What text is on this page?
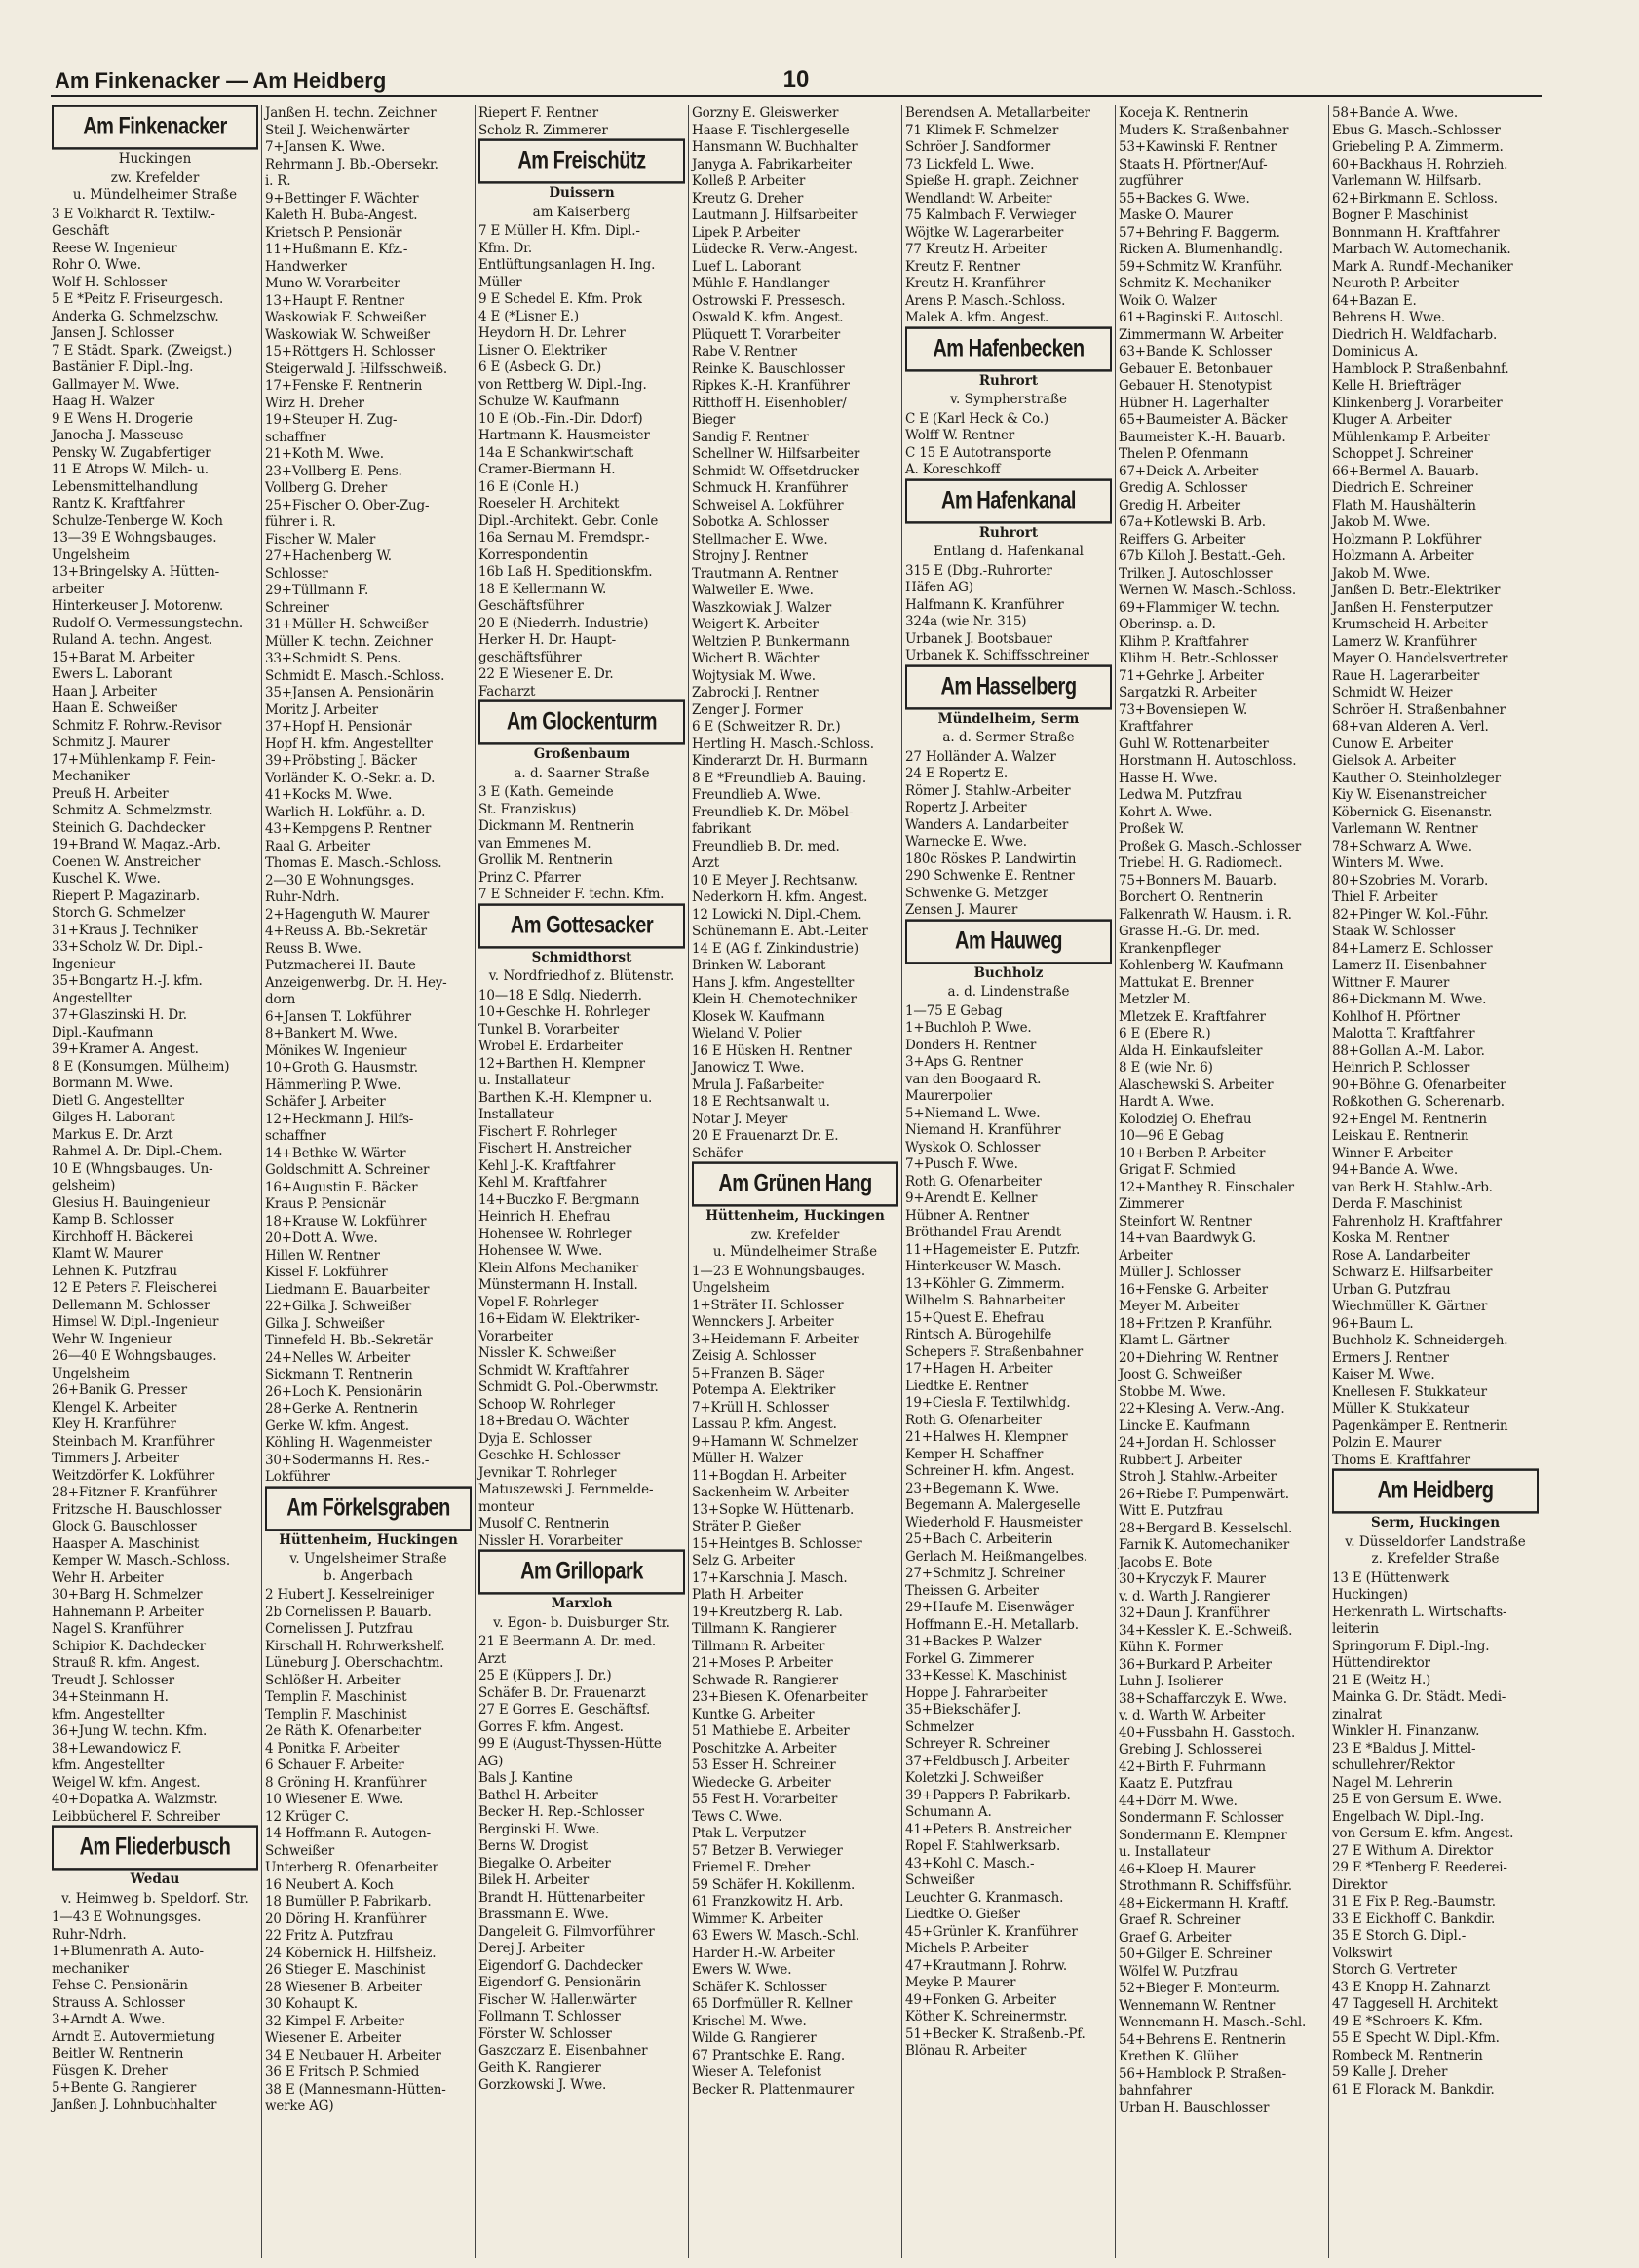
Am Finkenacker — Am Heidberg	10
Am Finkenacker
Huckingen
zw. Krefelder
u. Mündelheimer Straße
3 E Volkhardt R. Textilw.-
Geschäft
Reese W. Ingenieur
Rohr O. Wwe.
Wolf H. Schlosser
5 E *Peitz F. Friseurgesch.
Anderka G. Schmelzschw.
Jansen J. Schlosser
7 E Städt. Spark. (Zweigst.)
Bastänier F. Dipl.-Ing.
Gallmayer M. Wwe.
Haag H. Walzer
9 E Wens H. Drogerie
Janocha J. Masseuse
Pensky W. Zugabfertiger
11 E Atrops W. Milch- u.
Lebensmittelhandlung
Rantz K. Kraftfahrer
Schulze-Tenberge W. Koch
13—39 E Wohngsbauges.
Ungelsheim
13+Bringelsky A. Hütten-
arbeiter
Hinterkeuser J. Motorenw.
Rudolf O. Vermessungstechn.
Ruland A. techn. Angest.
15+Barat M. Arbeiter
Ewers L. Laborant
Haan J. Arbeiter
Haan E. Schweißer
Schmitz F. Rohrw.-Revisor
Schmitz J. Maurer
17+Mühlenkamp F. Fein-
Mechaniker
Preuß H. Arbeiter
Schmitz A. Schmelzmstr.
Steinich G. Dachdecker
19+Brand W. Magaz.-Arb.
Coenen W. Anstreicher
Kuschel K. Wwe.
Riepert P. Magazinarb.
Storch G. Schmelzer
31+Kraus J. Techniker
33+Scholz W. Dr. Dipl.-
Ingenieur
35+Bongartz H.-J. kfm.
Angestellter
37+Glaszinski H. Dr.
Dipl.-Kaufmann
39+Kramer A. Angest.
8 E (Konsumgen. Mülheim)
Bormann M. Wwe.
Dietl G. Angestellter
Gilges H. Laborant
Markus E. Dr. Arzt
Rahmel A. Dr. Dipl.-Chem.
10 E (Whngsbauges. Un-
gelsheim)
Glesius H. Bauingenieur
Kamp B. Schlosser
Kirchhoff H. Bäckerei
Klamt W. Maurer
Lehnen K. Putzfrau
12 E Peters F. Fleischerei
Dellemann M. Schlosser
Himsel W. Dipl.-Ingenieur
Wehr W. Ingenieur
26—40 E Wohngsbauges.
Ungelsheim
26+Banik G. Presser
Klengel K. Arbeiter
Kley H. Kranführer
Steinbach M. Kranführer
Timmers J. Arbeiter
Weitzdörfer K. Lokführer
28+Fitzner F. Kranführer
Fritzsche H. Bauschlosser
Glock G. Bauschlosser
Haasper A. Maschinist
Kemper W. Masch.-Schloss.
Wehr H. Arbeiter
30+Barg H. Schmelzer
Hahnemann P. Arbeiter
Nagel S. Kranführer
Schipior K. Dachdecker
Strauß R. kfm. Angest.
Treudt J. Schlosser
34+Steinmann H.
kfm. Angestellter
36+Jung W. techn. Kfm.
38+Lewandowicz F.
kfm. Angestellter
Weigel W. kfm. Angest.
40+Dopatka A. Walzmstr.
Leibbücherel F. Schreiber
Am Fliederbusch
Wedau
v. Heimweg b. Speldorf. Str.
1—43 E Wohnungsges.
Ruhr-Ndrh.
1+Blumenrath A. Auto-
mechaniker
Fehse C. Pensionärin
Strauss A. Schlosser
3+Arndt A. Wwe.
Arndt E. Autovermietung
Beitler W. Rentnerin
Füsgen K. Dreher
5+Bente G. Rangierer
Janßen J. Lohnbuchhalter
Janßen H. techn. Zeichner
Steil J. Weichenwärter
7+Jansen K. Wwe.
Rehrmann J. Bb.-Obersekr.
i. R.
9+Bettinger F. Wächter
Kaleth H. Buba-Angest.
Krietsch P. Pensionär
11+Hußmann E. Kfz.-
Handwerker
Muno W. Vorarbeiter
13+Haupt F. Rentner
Waskowiak F. Schweißer
Waskowiak W. Schweißer
15+Röttgers H. Schlosser
Steigerwald J. Hilfsschweiß.
17+Fenske F. Rentnerin
Wirz H. Dreher
19+Steuper H. Zug-
schaffner
21+Koth M. Wwe.
23+Vollberg E. Pens.
Vollberg G. Dreher
25+Fischer O. Ober-Zug-
führer i. R.
Fischer W. Maler
27+Hachenberg W.
Schlosser
29+Tüllmann F.
Schreiner
31+Müller H. Schweißer
Müller K. techn. Zeichner
33+Schmidt S. Pens.
Schmidt E. Masch.-Schloss.
35+Jansen A. Pensionärin
Moritz J. Arbeiter
37+Hopf H. Pensionär
Hopf H. kfm. Angestellter
39+Pröbsting J. Bäcker
Vorländer K. O.-Sekr. a. D.
41+Kocks M. Wwe.
Warlich H. Lokführ. a. D.
43+Kempgens P. Rentner
Raal G. Arbeiter
Thomas E. Masch.-Schloss.
2—30 E Wohnungsges.
Ruhr-Ndrh.
2+Hagenguth W. Maurer
4+Reuss A. Bb.-Sekretär
Reuss B. Wwe.
Putzmacherei H. Baute
Anzeigenwerbg. Dr. H. Hey-
dorn
6+Jansen T. Lokführer
8+Bankert M. Wwe.
Mönikes W. Ingenieur
10+Groth G. Hausmstr.
Hämmerling P. Wwe.
Schäfer J. Arbeiter
12+Heckmann J. Hilfs-
schaffner
14+Bethke W. Wärter
Goldschmitt A. Schreiner
16+Augustin E. Bäcker
Kraus P. Pensionär
18+Krause W. Lokführer
20+Dott A. Wwe.
Hillen W. Rentner
Kissel F. Lokführer
Liedmann E. Bauarbeiter
22+Gilka J. Schweißer
Gilka J. Schweißer
Tinnefeld H. Bb.-Sekretär
24+Nelles W. Arbeiter
Sickmann T. Rentnerin
26+Loch K. Pensionärin
28+Gerke A. Rentnerin
Gerke W. kfm. Angest.
Köhling H. Wagenmeister
30+Sodermanns H. Res.-
Lokführer
Am Förkelsgraben
Hüttenheim, Huckingen
v. Ungelsheimer Straße
b. Angerbach
2 Hubert J. Kesselreiniger
2b Cornelissen P. Bauarb.
Cornelissen J. Putzfrau
Kirschall H. Rohrwerkshelf.
Lüneburg J. Oberschachtm.
Schlößer H. Arbeiter
Templin F. Maschinist
Templin F. Maschinist
2e Räth K. Ofenarbeiter
4 Ponitka F. Arbeiter
6 Schauer F. Arbeiter
8 Gröning H. Kranführer
10 Wiesener E. Wwe.
12 Krüger C.
14 Hoffmann R. Autogen-
Schweißer
Unterberg R. Ofenarbeiter
16 Neubert A. Koch
18 Bumüller P. Fabrikarb.
20 Döring H. Kranführer
22 Fritz A. Putzfrau
24 Köbernick H. Hilfsheiz.
26 Stieger E. Maschinist
28 Wiesener B. Arbeiter
30 Kohaupt K.
32 Kimpel F. Arbeiter
Wiesener E. Arbeiter
34 E Neubauer H. Arbeiter
36 E Fritsch P. Schmied
38 E (Mannesmann-Hütten-
werke AG)
Riepert F. Rentner
Scholz R. Zimmerer
Am Freischütz
Duissern
am Kaiserberg
7 E Müller H. Kfm. Dipl.-
Kfm. Dr.
Entlüftungsanlagen H. Ing.
Müller
9 E Schedel E. Kfm. Prok
4 E (*Lisner E.)
Heydorn H. Dr. Lehrer
Lisner O. Elektriker
6 E (Asbeck G. Dr.)
von Rettberg W. Dipl.-Ing.
Schulze W. Kaufmann
10 E (Ob.-Fin.-Dir. Ddorf)
Hartmann K. Hausmeister
14a E Schankwirtschaft
Cramer-Biermann H.
16 E (Conle H.)
Roeseler H. Architekt
Dipl.-Architekt. Gebr. Conle
16a Sernau M. Fremdspr.-
Korrespondentin
16b Laß H. Speditionskfm.
18 E Kellermann W.
Geschäftsführer
20 E (Niederrh. Industrie)
Herker H. Dr. Haupt-
geschäftsführer
22 E Wiesener E. Dr.
Facharzt
Am Glockenturm
Großenbaum
a. d. Saarner Straße
3 E (Kath. Gemeinde
St. Franziskus)
Dickmann M. Rentnerin
van Emmenes M.
Grollik M. Rentnerin
Prinz C. Pfarrer
7 E Schneider F. techn. Kfm.
Am Gottesacker
Schmidthorst
v. Nordfriedhof z. Blütenstr.
10—18 E Sdlg. Niederrh.
10+Geschke H. Rohrleger
Tunkel B. Vorarbeiter
Wrobel E. Erdarbeiter
12+Barthen H. Klempner
u. Installateur
Barthen K.-H. Klempner u.
Installateur
Fischert F. Rohrleger
Fischert H. Anstreicher
Kehl J.-K. Kraftfahrer
Kehl M. Kraftfahrer
14+Buczko F. Bergmann
Heinrich H. Ehefrau
Hohensee W. Rohrleger
Hohensee W. Wwe.
Klein Alfons Mechaniker
Münstermann H. Install.
Vopel F. Rohrleger
16+Eidam W. Elektriker-
Vorarbeiter
Nissler K. Schweißer
Schmidt W. Kraftfahrer
Schmidt G. Pol.-Oberwmstr.
Schoop W. Rohrleger
18+Bredau O. Wächter
Dyja E. Schlosser
Geschke H. Schlosser
Jevnikar T. Rohrleger
Matuszewski J. Fernmelde-
monteur
Musolf C. Rentnerin
Nissler H. Vorarbeiter
Am Grillopark
Marxloh
v. Egon- b. Duisburger Str.
21 E Beermann A. Dr. med.
Arzt
25 E (Küppers J. Dr.)
Schäfer B. Dr. Frauenarzt
27 E Gorres E. Geschäftsf.
Gorres F. kfm. Angest.
99 E (August-Thyssen-Hütte
AG)
Bals J. Kantine
Bathel H. Arbeiter
Becker H. Rep.-Schlosser
Berginski H. Wwe.
Berns W. Drogist
Biegalke O. Arbeiter
Bilek H. Arbeiter
Brandt H. Hüttenarbeiter
Brassmann E. Wwe.
Dangeleit G. Filmvorführer
Derej J. Arbeiter
Eigendorf G. Dachdecker
Eigendorf G. Pensionärin
Fischer W. Hallenwärter
Follmann T. Schlosser
Förster W. Schlosser
Gaszczarz E. Eisenbahner
Geith K. Rangierer
Gorzkowski J. Wwe.
Gorzny E. Gleiswerker
Haase F. Tischlergeselle
Hansmann W. Buchhalter
Janyga A. Fabrikarbeiter
Kolleß P. Arbeiter
Kreutz G. Dreher
Lautmann J. Hilfsarbeiter
Lipek P. Arbeiter
Lüdecke R. Verw.-Angest.
Luef L. Laborant
Mühle F. Handlanger
Ostrowski F. Pressesch.
Oswald K. kfm. Angest.
Plüquett T. Vorarbeiter
Rabe V. Rentner
Reinke K. Bauschlosser
Ripkes K.-H. Kranführer
Ritthoff H. Eisenhobler/
Bieger
Sandig F. Rentner
Schellner W. Hilfsarbeiter
Schmidt W. Offsetdrucker
Schmuck H. Kranführer
Schweisel A. Lokführer
Sobotka A. Schlosser
Stellmacher E. Wwe.
Strojny J. Rentner
Trautmann A. Rentner
Walweiler E. Wwe.
Waszkowiak J. Walzer
Weigert K. Arbeiter
Weltzien P. Bunkermann
Wichert B. Wächter
Wojtysiak M. Wwe.
Zabrocki J. Rentner
Zenger J. Former
6 E (Schweitzer R. Dr.)
Hertling H. Masch.-Schloss.
Kinderarzt Dr. H. Burmann
8 E *Freundlieb A. Bauing.
Freundlieb A. Wwe.
Freundlieb K. Dr. Möbel-
fabrikant
Freundlieb B. Dr. med.
Arzt
10 E Meyer J. Rechtsanw.
Nederkorn H. kfm. Angest.
12 Lowicki N. Dipl.-Chem.
Schünemann E. Abt.-Leiter
14 E (AG f. Zinkindustrie)
Brinken W. Laborant
Hans J. kfm. Angestellter
Klein H. Chemotechniker
Klosek W. Kaufmann
Wieland V. Polier
16 E Hüsken H. Rentner
Janowicz T. Wwe.
Mrula J. Faßarbeiter
18 E Rechtsanwalt u.
Notar J. Meyer
20 E Frauenarzt Dr. E.
Schäfer
Am Grünen Hang
Hüttenheim, Huckingen
zw. Krefelder
u. Mündelheimer Straße
1—23 E Wohnungsbauges.
Ungelsheim
1+Sträter H. Schlosser
Wennckers J. Arbeiter
3+Heidemann F. Arbeiter
Zeisig A. Schlosser
5+Franzen B. Säger
Potempa A. Elektriker
7+Krüll H. Schlosser
Lassau P. kfm. Angest.
9+Hamann W. Schmelzer
Müller H. Walzer
11+Bogdan H. Arbeiter
Sackenheim W. Arbeiter
13+Sopke W. Hüttenarb.
Sträter P. Gießer
15+Heintges B. Schlosser
Selz G. Arbeiter
17+Karschnia J. Masch.
Plath H. Arbeiter
19+Kreutzberg R. Lab.
Tillmann K. Rangierer
Tillmann R. Arbeiter
21+Moses P. Arbeiter
Schwade R. Rangierer
23+Biesen K. Ofenarbeiter
Kuntke G. Arbeiter
51 Mathiebe E. Arbeiter
Poschitzke A. Arbeiter
53 Esser H. Schreiner
Wiedecke G. Arbeiter
55 Fest H. Vorarbeiter
Tews C. Wwe.
Ptak L. Verputzer
57 Betzer B. Verwieger
Friemel E. Dreher
59 Schäfer H. Kokillenm.
61 Franzkowitz H. Arb.
Wimmer K. Arbeiter
63 Ewers W. Masch.-Schl.
Harder H.-W. Arbeiter
Ewers W. Wwe.
Schäfer K. Schlosser
65 Dorfmüller R. Kellner
Krischel M. Wwe.
Wilde G. Rangierer
67 Prantschke E. Rang.
Wieser A. Telefonist
Becker R. Plattenmaurer
Berendsen A. Metallarbeiter
71 Klimek F. Schmelzer
Schröer J. Sandformer
73 Lickfeld L. Wwe.
Spieße H. graph. Zeichner
Wendlandt W. Arbeiter
75 Kalmbach F. Verwieger
Wöjtke W. Lagerarbeiter
77 Kreutz H. Arbeiter
Kreutz F. Rentner
Kreutz H. Kranführer
Arens P. Masch.-Schloss.
Malek A. kfm. Angest.
Am Hafenbecken
Ruhrort
v. Sympherstraße
C E (Karl Heck & Co.)
Wolff W. Rentner
C 15 E Autotransporte
A. Koreschkoff
Am Hafenkanal
Ruhrort
Entlang d. Hafenkanal
315 E (Dbg.-Ruhrorter
Häfen AG)
Halfmann K. Kranführer
324a (wie Nr. 315)
Urbanek J. Bootsbauer
Urbanek K. Schiffsschreiner
Am Hasselberg
Mündelheim, Serm
a. d. Sermer Straße
27 Holländer A. Walzer
24 E Ropertz E.
Römer J. Stahlw.-Arbeiter
Ropertz J. Arbeiter
Wanders A. Landarbeiter
Warnecke E. Wwe.
180c Röskes P. Landwirtin
290 Schwenke E. Rentner
Schwenke G. Metzger
Zensen J. Maurer
Am Hauweg
Buchholz
a. d. Lindenstraße
1—75 E Gebag
1+Buchloh P. Wwe.
Donders H. Rentner
3+Aps G. Rentner
van den Boogaard R.
Maurerpolier
5+Niemand L. Wwe.
Niemand H. Kranführer
Wyskok O. Schlosser
7+Pusch F. Wwe.
Roth G. Ofenarbeiter
9+Arendt E. Kellner
Hübner A. Rentner
Bröthandel Frau Arendt
11+Hagemeister E. Putzfr.
Hinterkeuser W. Masch.
13+Köhler G. Zimmerm.
Wilhelm S. Bahnarbeiter
15+Quest E. Ehefrau
Rintsch A. Bürogehilfe
Schepers F. Straßenbahner
17+Hagen H. Arbeiter
Liedtke E. Rentner
19+Ciesla F. Textilwhldg.
Roth G. Ofenarbeiter
21+Halwes H. Klempner
Kemper H. Schaffner
Schreiner H. kfm. Angest.
23+Begemann K. Wwe.
Begemann A. Malergeselle
Wiederhold F. Hausmeister
25+Bach C. Arbeiterin
Gerlach M. Heißmangelbes.
27+Schmitz J. Schreiner
Theissen G. Arbeiter
29+Haufe M. Eisenwäger
Hoffmann E.-H. Metallarb.
31+Backes P. Walzer
Forkel G. Zimmerer
33+Kessel K. Maschinist
Hoppe J. Fahrarbeiter
35+Biekschäfer J.
Schmelzer
Schreyer R. Schreiner
37+Feldbusch J. Arbeiter
Koletzki J. Schweißer
39+Pappers P. Fabrikarb.
Schumann A.
41+Peters B. Anstreicher
Ropel F. Stahlwerksarb.
43+Kohl C. Masch.-
Schweißer
Leuchter G. Kranmasch.
Liedtke O. Gießer
45+Grünler K. Kranführer
Michels P. Arbeiter
47+Krautmann J. Rohrw.
Meyke P. Maurer
49+Fonken G. Arbeiter
Köther K. Schreinermstr.
51+Becker K. Straßenb.-Pf.
Blönau R. Arbeiter
Koceja K. Rentnerin
Muders K. Straßenbahner
53+Kawinski F. Rentner
Staats H. Pförtner/Auf-
zugführer
55+Backes G. Wwe.
Maske O. Maurer
57+Behring F. Baggerm.
Ricken A. Blumenhandlg.
59+Schmitz W. Kranführ.
Schmitz K. Mechaniker
Woik O. Walzer
61+Baginski E. Autoschl.
Zimmermann W. Arbeiter
63+Bande K. Schlosser
Gebauer E. Betonbauer
Gebauer H. Stenotypist
Hübner H. Lagerhalter
65+Baumeister A. Bäcker
Baumeister K.-H. Bauarb.
Thelen P. Ofenmann
67+Deick A. Arbeiter
Gredig A. Schlosser
Gredig H. Arbeiter
67a+Kotlewski B. Arb.
Reiffers G. Arbeiter
67b Killoh J. Bestatt.-Geh.
Trilken J. Autoschlosser
Wernen W. Masch.-Schloss.
69+Flammiger W. techn.
Oberinsp. a. D.
Klihm P. Kraftfahrer
Klihm H. Betr.-Schlosser
71+Gehrke J. Arbeiter
Sargatzki R. Arbeiter
73+Bovensiepen W.
Kraftfahrer
Guhl W. Rottenarbeiter
Horstmann H. Autoschloss.
Hasse H. Wwe.
Ledwa M. Putzfrau
Kohrt A. Wwe.
Proßek W.
Proßek G. Masch.-Schlosser
Triebel H. G. Radiomech.
75+Bonners M. Bauarb.
Borchert O. Rentnerin
Falkenrath W. Hausm. i. R.
Grasse H.-G. Dr. med.
Krankenpfleger
Kohlenberg W. Kaufmann
Mattukat E. Brenner
Metzler M.
Mletzek E. Kraftfahrer
6 E (Ebere R.)
Alda H. Einkaufsleiter
8 E (wie Nr. 6)
Alaschewski S. Arbeiter
Hardt A. Wwe.
Kolodziej O. Ehefrau
10—96 E Gebag
10+Berben P. Arbeiter
Grigat F. Schmied
12+Manthey R. Einschaler
Zimmerer
Steinfort W. Rentner
14+van Baardwyk G.
Arbeiter
Müller J. Schlosser
16+Fenske G. Arbeiter
Meyer M. Arbeiter
18+Fritzen P. Kranführ.
Klamt L. Gärtner
20+Diehring W. Rentner
Joost G. Schweißer
Stobbe M. Wwe.
22+Klesing A. Verw.-Ang.
Lincke E. Kaufmann
24+Jordan H. Schlosser
Rubbert J. Arbeiter
Stroh J. Stahlw.-Arbeiter
26+Riebe F. Pumpenwärt.
Witt E. Putzfrau
28+Bergard B. Kesselschl.
Farnik K. Automechaniker
Jacobs E. Bote
30+Kryczyk F. Maurer
v. d. Warth J. Rangierer
32+Daun J. Kranführer
34+Kessler K. E.-Schweiß.
Kühn K. Former
36+Burkard P. Arbeiter
Luhn J. Isolierer
38+Schaffarczyk E. Wwe.
v. d. Warth W. Arbeiter
40+Fussbahn H. Gasstoch.
Grebing J. Schlosserei
42+Birth F. Fuhrmann
Kaatz E. Putzfrau
44+Dörr M. Wwe.
Sondermann F. Schlosser
Sondermann E. Klempner
u. Installateur
46+Kloep H. Maurer
Strothmann R. Schiffsführ.
48+Eickermann H. Kraftf.
Graef R. Schreiner
Graef G. Arbeiter
50+Gilger E. Schreiner
Wölfel W. Putzfrau
52+Bieger F. Monteurm.
Wennemann W. Rentner
Wennemann H. Masch.-Schl.
54+Behrens E. Rentnerin
Krethen K. Glüher
56+Hamblock P. Straßen-
bahnfahrer
Urban H. Bauschlosser
58+Bande A. Wwe.
Ebus G. Masch.-Schlosser
Griebeling P. A. Zimmerm.
60+Backhaus H. Rohrzieh.
Varlemann W. Hilfsarb.
62+Birkmann E. Schloss.
Bogner P. Maschinist
Bonnmann H. Kraftfahrer
Marbach W. Automechanik.
Mark A. Rundf.-Mechaniker
Neuroth P. Arbeiter
64+Bazan E.
Behrens H. Wwe.
Diedrich H. Waldfacharb.
Dominicus A.
Hamblock P. Straßenbahnf.
Kelle H. Briefträger
Klinkenberg J. Vorarbeiter
Kluger A. Arbeiter
Mühlenkamp P. Arbeiter
Schoppet J. Schreiner
66+Bermel A. Bauarb.
Diedrich E. Schreiner
Flath M. Haushälterin
Jakob M. Wwe.
Holzmann P. Lokführer
Holzmann A. Arbeiter
Jakob M. Wwe.
Janßen D. Betr.-Elektriker
Janßen H. Fensterputzer
Krumscheid H. Arbeiter
Lamerz W. Kranführer
Mayer O. Handelsvertreter
Raue H. Lagerarbeiter
Schmidt W. Heizer
Schröer H. Straßenbahner
68+van Alderen A. Verl.
Cunow E. Arbeiter
Gielsok A. Arbeiter
Kauther O. Steinholzleger
Kiy W. Eisenanstreicher
Köbernick G. Eisenanstr.
Varlemann W. Rentner
78+Schwarz A. Wwe.
Winters M. Wwe.
80+Szobries M. Vorarb.
Thiel F. Arbeiter
82+Pinger W. Kol.-Führ.
Staak W. Schlosser
84+Lamerz E. Schlosser
Lamerz H. Eisenbahner
Wittner F. Maurer
86+Dickmann M. Wwe.
Kohlhof H. Pförtner
Malotta T. Kraftfahrer
88+Gollan A.-M. Labor.
Heinrich P. Schlosser
90+Böhne G. Ofenarbeiter
Roßkothen G. Scherenarb.
92+Engel M. Rentnerin
Leiskau E. Rentnerin
Winner F. Arbeiter
94+Bande A. Wwe.
van Berk H. Stahlw.-Arb.
Derda F. Maschinist
Fahrenholz H. Kraftfahrer
Koska M. Rentner
Rose A. Landarbeiter
Schwarz E. Hilfsarbeiter
Urban G. Putzfrau
Wiechmüller K. Gärtner
96+Baum L.
Buchholz K. Schneidergeh.
Ermers J. Rentner
Kaiser M. Wwe.
Knellesen F. Stukkateur
Müller K. Stukkateur
Pagenkämper E. Rentnerin
Polzin E. Maurer
Thoms E. Kraftfahrer
Am Heidberg
Serm, Huckingen
v. Düsseldorfer Landstraße
z. Krefelder Straße
13 E (Hüttenwerk
Huckingen)
Herkenrath L. Wirtschafts-
leiterin
Springorum F. Dipl.-Ing.
Hüttendirektor
21 E (Weitz H.)
Mainka G. Dr. Städt. Medi-
zinalrat
Winkler H. Finanzanw.
23 E *Baldus J. Mittel-
schullehrer/Rektor
Nagel M. Lehrerin
25 E von Gersum E. Wwe.
Engelbach W. Dipl.-Ing.
von Gersum E. kfm. Angest.
27 E Withum A. Direktor
29 E *Tenberg F. Reederei-
Direktor
31 E Fix P. Reg.-Baumstr.
33 E Eickhoff C. Bankdir.
35 E Storch G. Dipl.-
Volkswirt
Storch G. Vertreter
43 E Knopp H. Zahnarzt
47 Taggesell H. Architekt
49 E *Schroers K. Kfm.
55 E Specht W. Dipl.-Kfm.
Rombeck M. Rentnerin
59 Kalle J. Dreher
61 E Florack M. Bankdir.
